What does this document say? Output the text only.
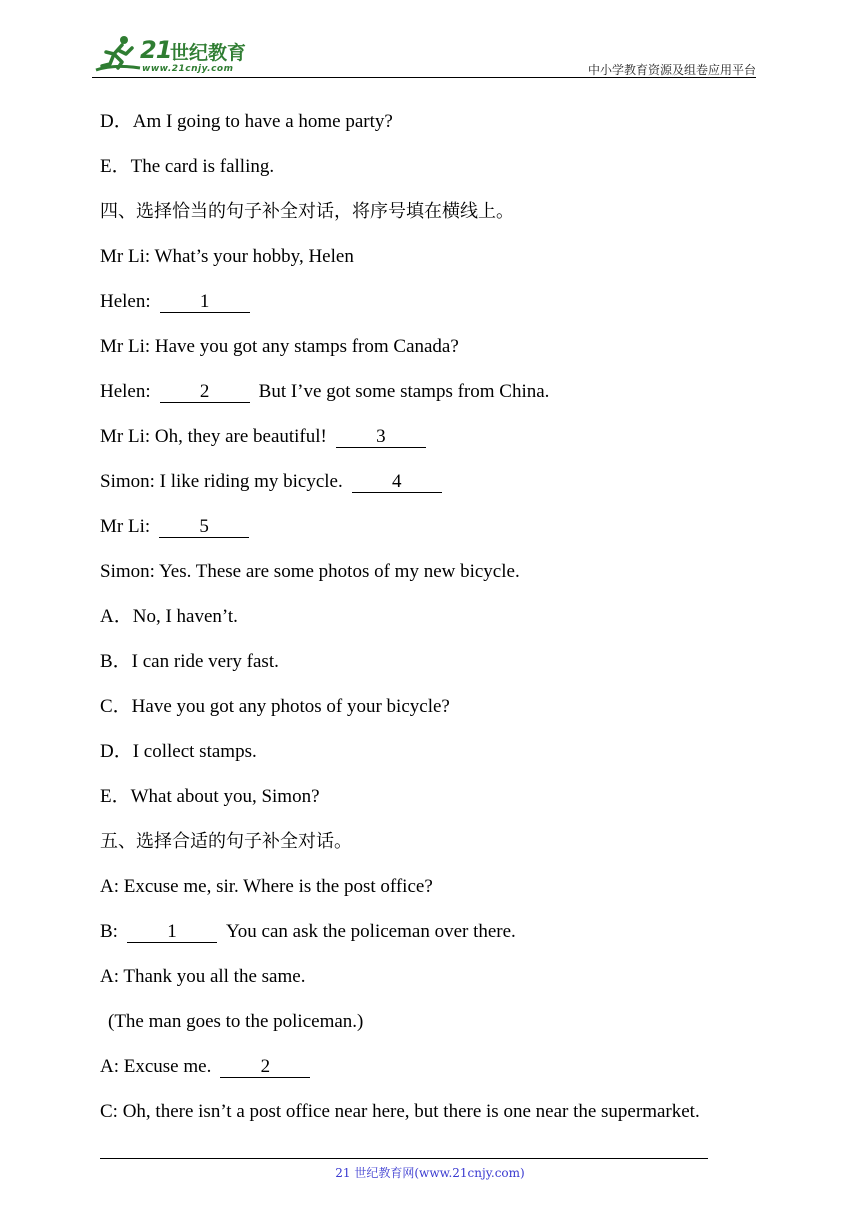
21
世纪教育
www.21cnjy.com	中小学教育资源及组卷应用平台
D．Am I going to have a home party?
E．The card is falling.
四、选择恰当的句子补全对话，将序号填在横线上。
Mr Li: What’s your hobby, Helen
Helen:	1
Mr Li: Have you got any stamps from Canada?
Helen:	2	But I’ve got some stamps from China.
Mr Li: Oh, they are beautiful!	3
Simon: I like riding my bicycle.	4
Mr Li:	5
Simon: Yes. These are some photos of my new bicycle.
A．No, I haven’t.
B．I can ride very fast.
C．Have you got any photos of your bicycle?
D．I collect stamps.
E．What about you, Simon?
五、选择合适的句子补全对话。
A: Excuse me, sir. Where is the post office?
B:	1	You can ask the policeman over there.
A: Thank you all the same.
(The man goes to the policeman.)
A: Excuse me.	2
C: Oh, there isn’t a post office near here, but there is one near the supermarket.
21 世纪教育网(www.21cnjy.com)
